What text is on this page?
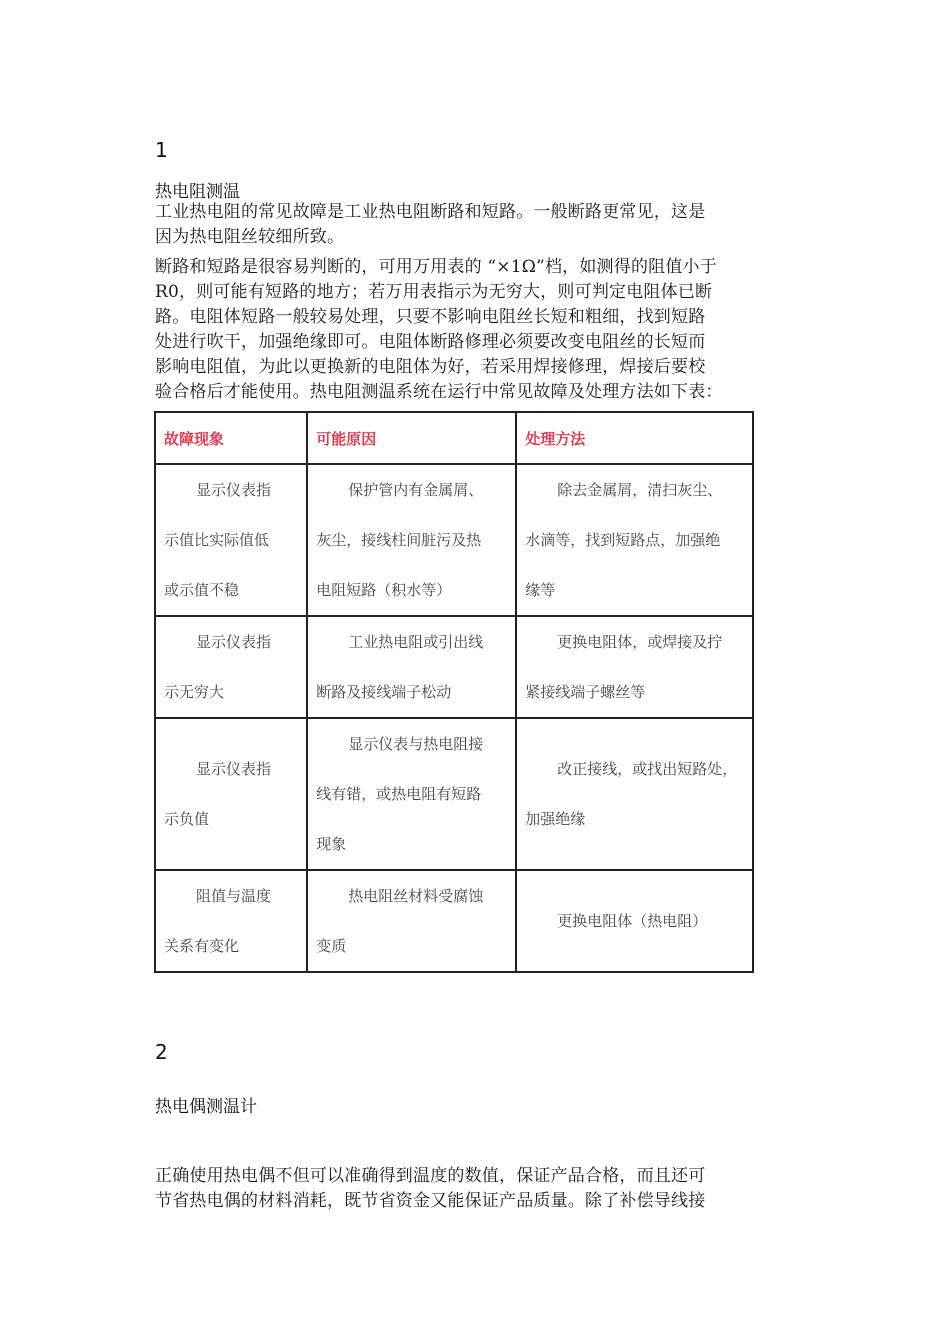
1
热电阻测温
工业热电阻的常见故障是工业热电阻断路和短路。一般断路更常见，这是
因为热电阻丝较细所致。
断路和短路是很容易判断的，可用万用表的 “×1Ω”档，如测得的阻值小于
R0，则可能有短路的地方；若万用表指示为无穷大，则可判定电阻体已断
路。电阻体短路一般较易处理，只要不影响电阻丝长短和粗细，找到短路
处进行吹干，加强绝缘即可。电阻体断路修理必须要改变电阻丝的长短而
影响电阻值，为此以更换新的电阻体为好，若采用焊接修理，焊接后要校
验合格后才能使用。热电阻测温系统在运行中常见故障及处理方法如下表：
故障现象	可能原因	处理方法

显示仪表指
示值比实际值低
或示值不稳	保护管内有金属屑、
灰尘，接线柱间脏污及热
电阻短路（积水等）	除去金属屑，清扫灰尘、
水滴等，找到短路点，加强绝
缘等

显示仪表指
示无穷大	工业热电阻或引出线
断路及接线端子松动	更换电阻体，或焊接及拧
紧接线端子螺丝等

显示仪表指
示负值	显示仪表与热电阻接
线有错，或热电阻有短路
现象	改正接线，或找出短路处，
加强绝缘

阻值与温度
关系有变化	热电阻丝材料受腐蚀
变质	更换电阻体（热电阻）
2
热电偶测温计
正确使用热电偶不但可以准确得到温度的数值，保证产品合格，而且还可
节省热电偶的材料消耗，既节省资金又能保证产品质量。除了补偿导线接
